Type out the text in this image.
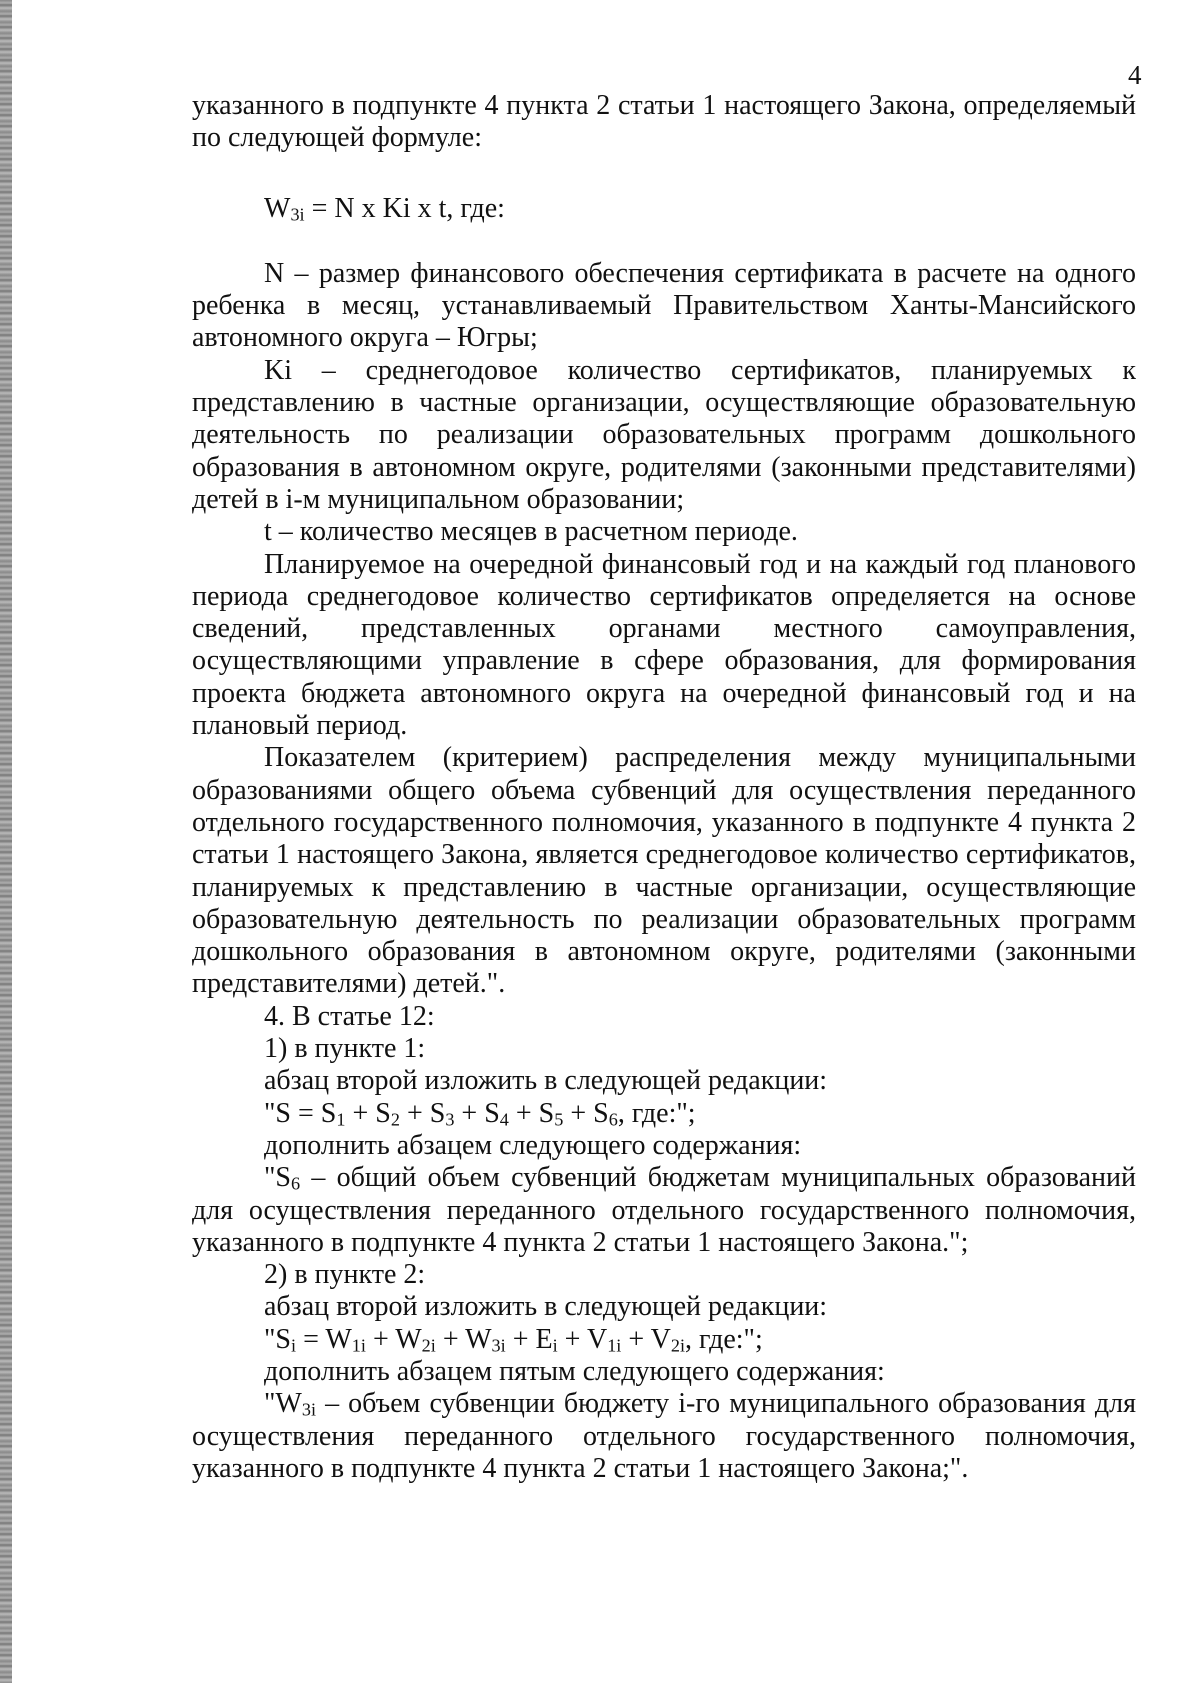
4

указанного в подпункте 4 пункта 2 статьи 1 настоящего Закона, определяемый по следующей формуле:

W3i = N x Ki x t, где:

N – размер финансового обеспечения сертификата в расчете на одного ребенка в месяц, устанавливаемый Правительством Ханты-Мансийского автономного округа – Югры;

Ki – среднегодовое количество сертификатов, планируемых к представлению в частные организации, осуществляющие образовательную деятельность по реализации образовательных программ дошкольного образования в автономном округе, родителями (законными представителями) детей в i-м муниципальном образовании;

t – количество месяцев в расчетном периоде.

Планируемое на очередной финансовый год и на каждый год планового периода среднегодовое количество сертификатов определяется на основе сведений, представленных органами местного самоуправления, осуществляющими управление в сфере образования, для формирования проекта бюджета автономного округа на очередной финансовый год и на плановый период.

Показателем (критерием) распределения между муниципальными образованиями общего объема субвенций для осуществления переданного отдельного государственного полномочия, указанного в подпункте 4 пункта 2 статьи 1 настоящего Закона, является среднегодовое количество сертификатов, планируемых к представлению в частные организации, осуществляющие образовательную деятельность по реализации образовательных программ дошкольного образования в автономном округе, родителями (законными представителями) детей.".

4. В статье 12:

1) в пункте 1:

абзац второй изложить в следующей редакции:

"S = S1 + S2 + S3 + S4 + S5 + S6, где:";

дополнить абзацем следующего содержания:

"S6 – общий объем субвенций бюджетам муниципальных образований для осуществления переданного отдельного государственного полномочия, указанного в подпункте 4 пункта 2 статьи 1 настоящего Закона.";

2) в пункте 2:

абзац второй изложить в следующей редакции:

"Si = W1i + W2i + W3i + Ei + V1i + V2i, где:";

дополнить абзацем пятым следующего содержания:

"W3i – объем субвенции бюджету i-го муниципального образования для осуществления переданного отдельного государственного полномочия, указанного в подпункте 4 пункта 2 статьи 1 настоящего Закона;".
